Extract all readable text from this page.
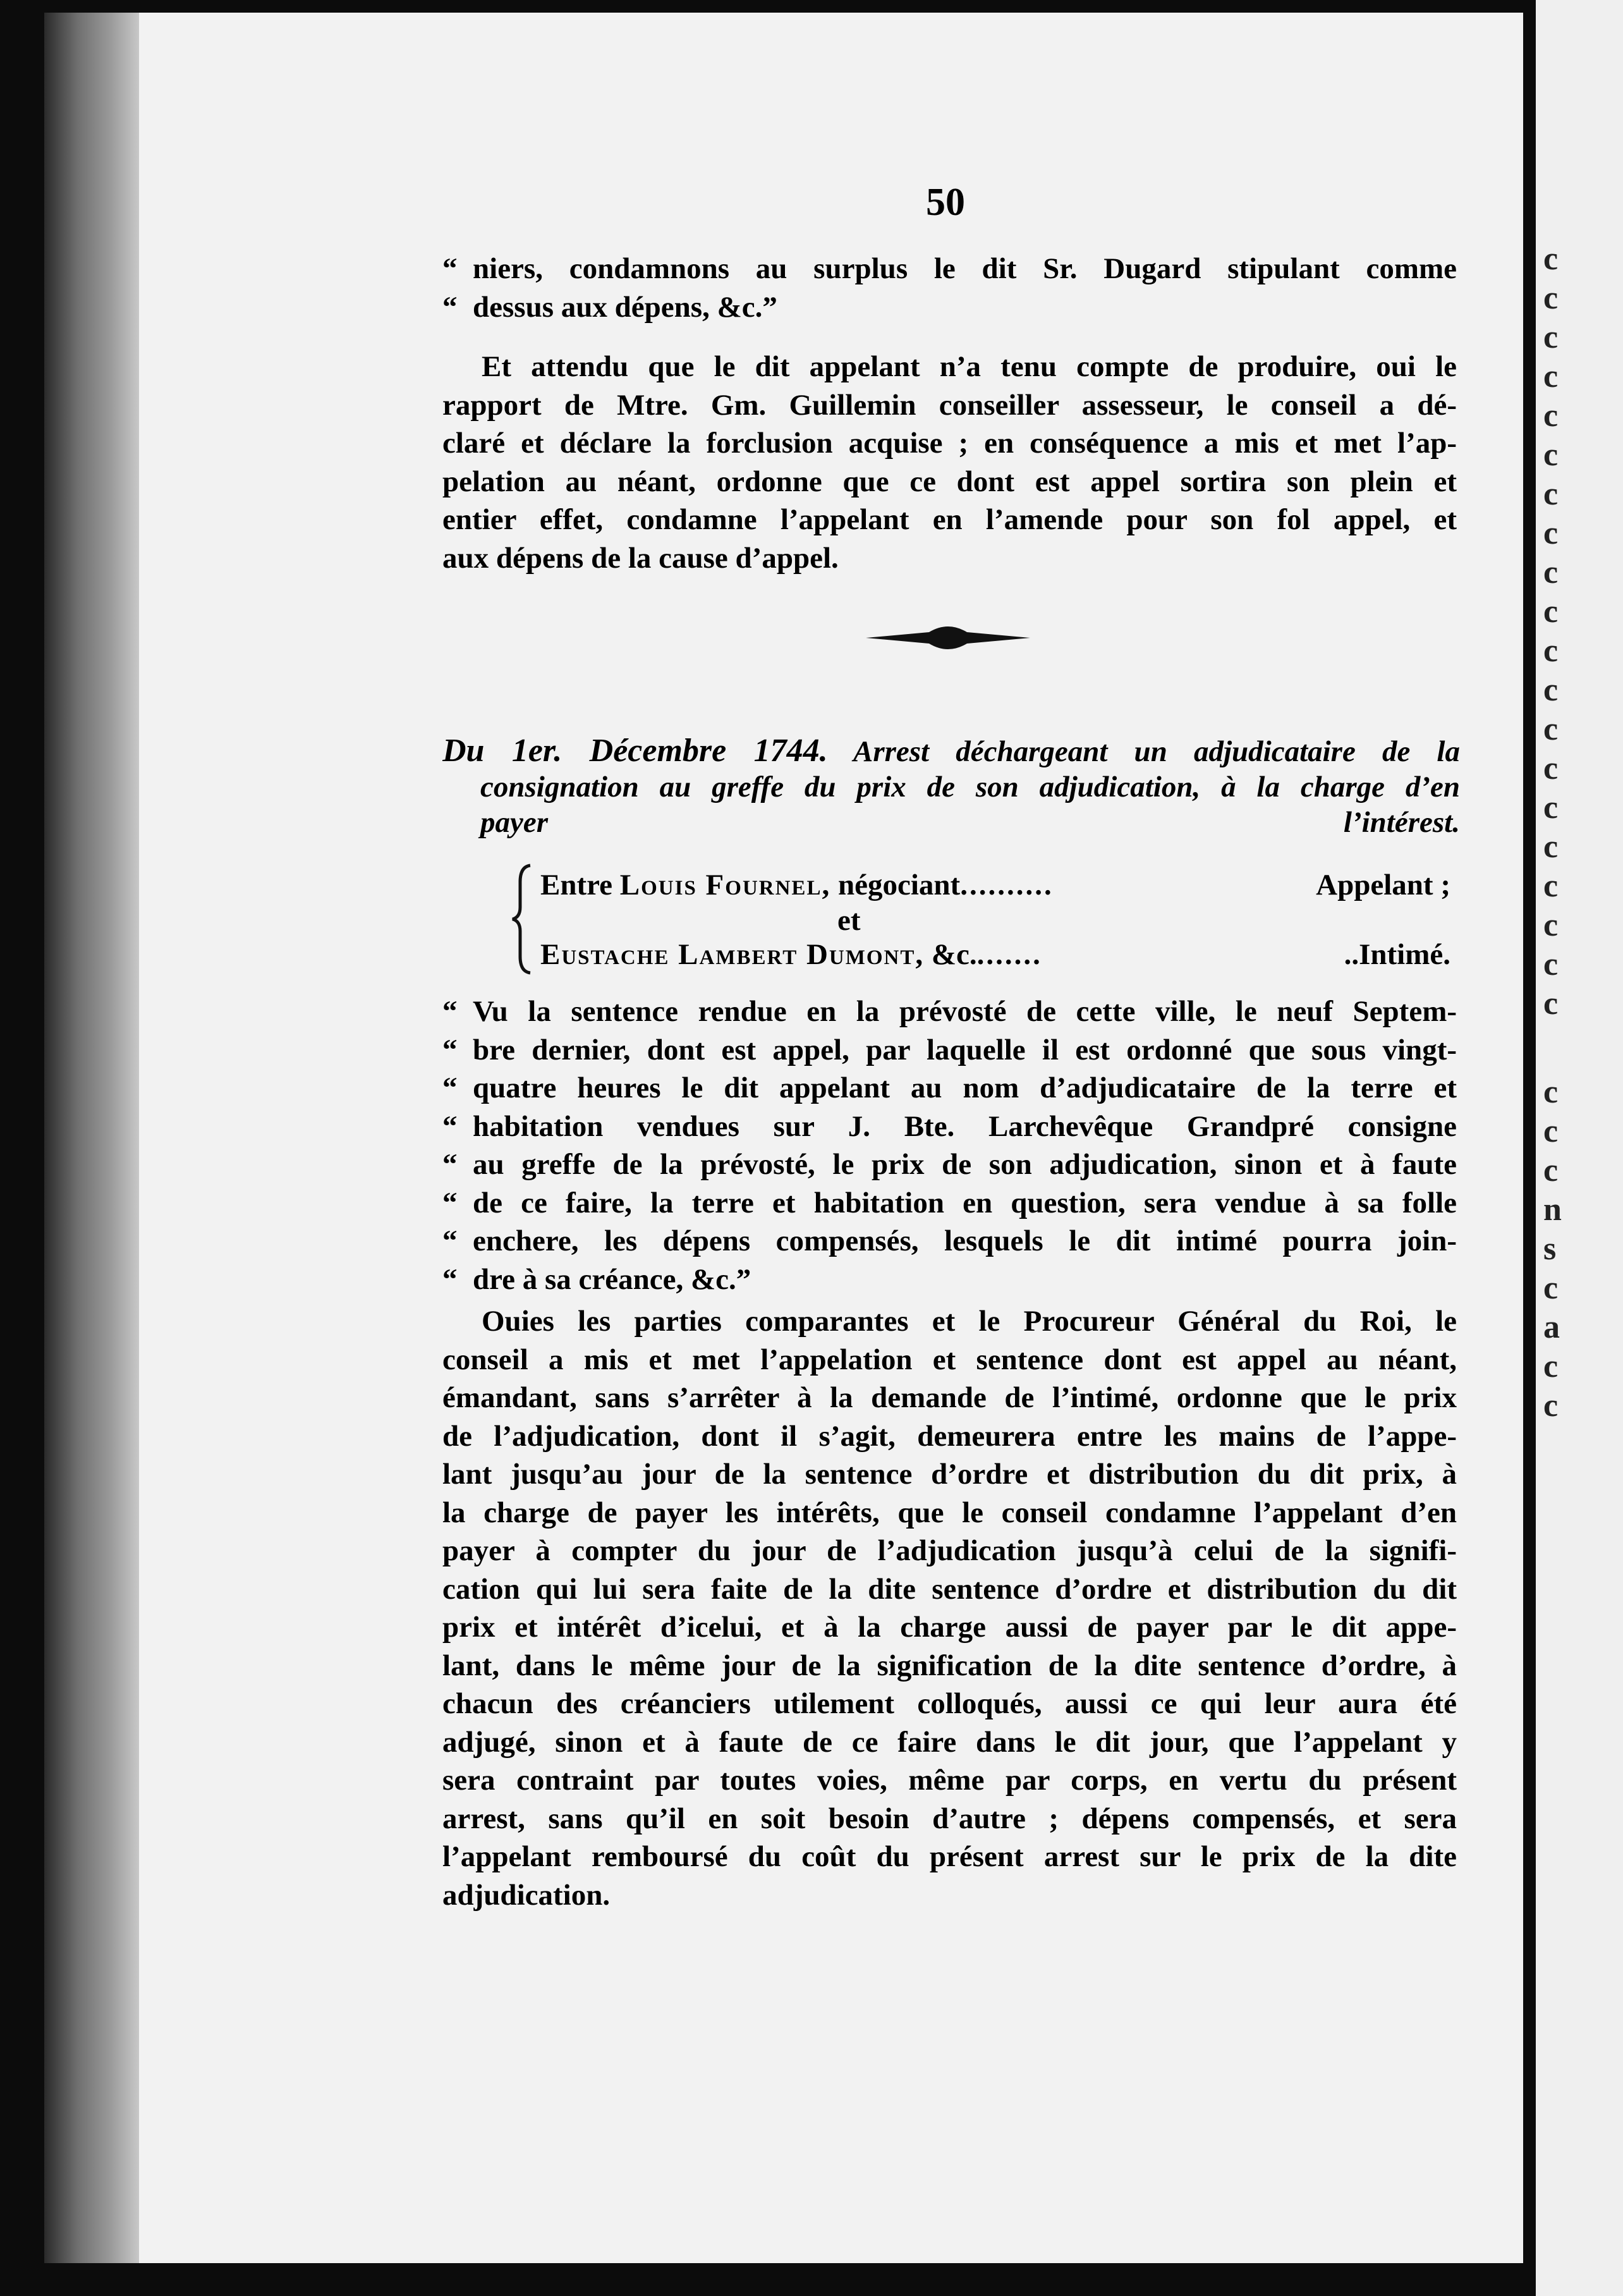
c
c
c
c
c
c
c
c
c
c
c
c
c
c
c
c
c
c
c
c
c
c
c
n
s
c
a
c
c
50
“ niers, condamnons au surplus le dit Sr. Dugard stipulant comme
“ dessus aux dépens, &c.”
Et attendu que le dit appelant n’a tenu compte de produire, oui le
rapport de Mtre. Gm. Guillemin conseiller assesseur, le conseil a dé-
claré et déclare la forclusion acquise ; en conséquence a mis et met l’ap-
pelation au néant, ordonne que ce dont est appel sortira son plein et
entier effet, condamne l’appelant en l’amende pour son fol appel, et
aux dépens de la cause d’appel.
Du 1er. Décembre 1744. Arrest déchargeant un adjudicataire de la
consignation au greffe du prix de son adjudication, à la charge d’en
payer l’intérest.
Entre Louis Fournel, négociant..........	Appelant ;
et
Eustache Lambert Dumont, &c........	..Intimé.
“ Vu la sentence rendue en la prévosté de cette ville, le neuf Septem-
“ bre dernier, dont est appel, par laquelle il est ordonné que sous vingt-
“ quatre heures le dit appelant au nom d’adjudicataire de la terre et
“ habitation vendues sur J. Bte. Larchevêque Grandpré consigne
“ au greffe de la prévosté, le prix de son adjudication, sinon et à faute
“ de ce faire, la terre et habitation en question, sera vendue à sa folle
“ enchere, les dépens compensés, lesquels le dit intimé pourra join-
“ dre à sa créance, &c.”
Ouies les parties comparantes et le Procureur Général du Roi, le
conseil a mis et met l’appelation et sentence dont est appel au néant,
émandant, sans s’arrêter à la demande de l’intimé, ordonne que le prix
de l’adjudication, dont il s’agit, demeurera entre les mains de l’appe-
lant jusqu’au jour de la sentence d’ordre et distribution du dit prix, à
la charge de payer les intérêts, que le conseil condamne l’appelant d’en
payer à compter du jour de l’adjudication jusqu’à celui de la signifi-
cation qui lui sera faite de la dite sentence d’ordre et distribution du dit
prix et intérêt d’icelui, et à la charge aussi de payer par le dit appe-
lant, dans le même jour de la signification de la dite sentence d’ordre, à
chacun des créanciers utilement colloqués, aussi ce qui leur aura été
adjugé, sinon et à faute de ce faire dans le dit jour, que l’appelant y
sera contraint par toutes voies, même par corps, en vertu du présent
arrest, sans qu’il en soit besoin d’autre ; dépens compensés, et sera
l’appelant remboursé du coût du présent arrest sur le prix de la dite
adjudication.
